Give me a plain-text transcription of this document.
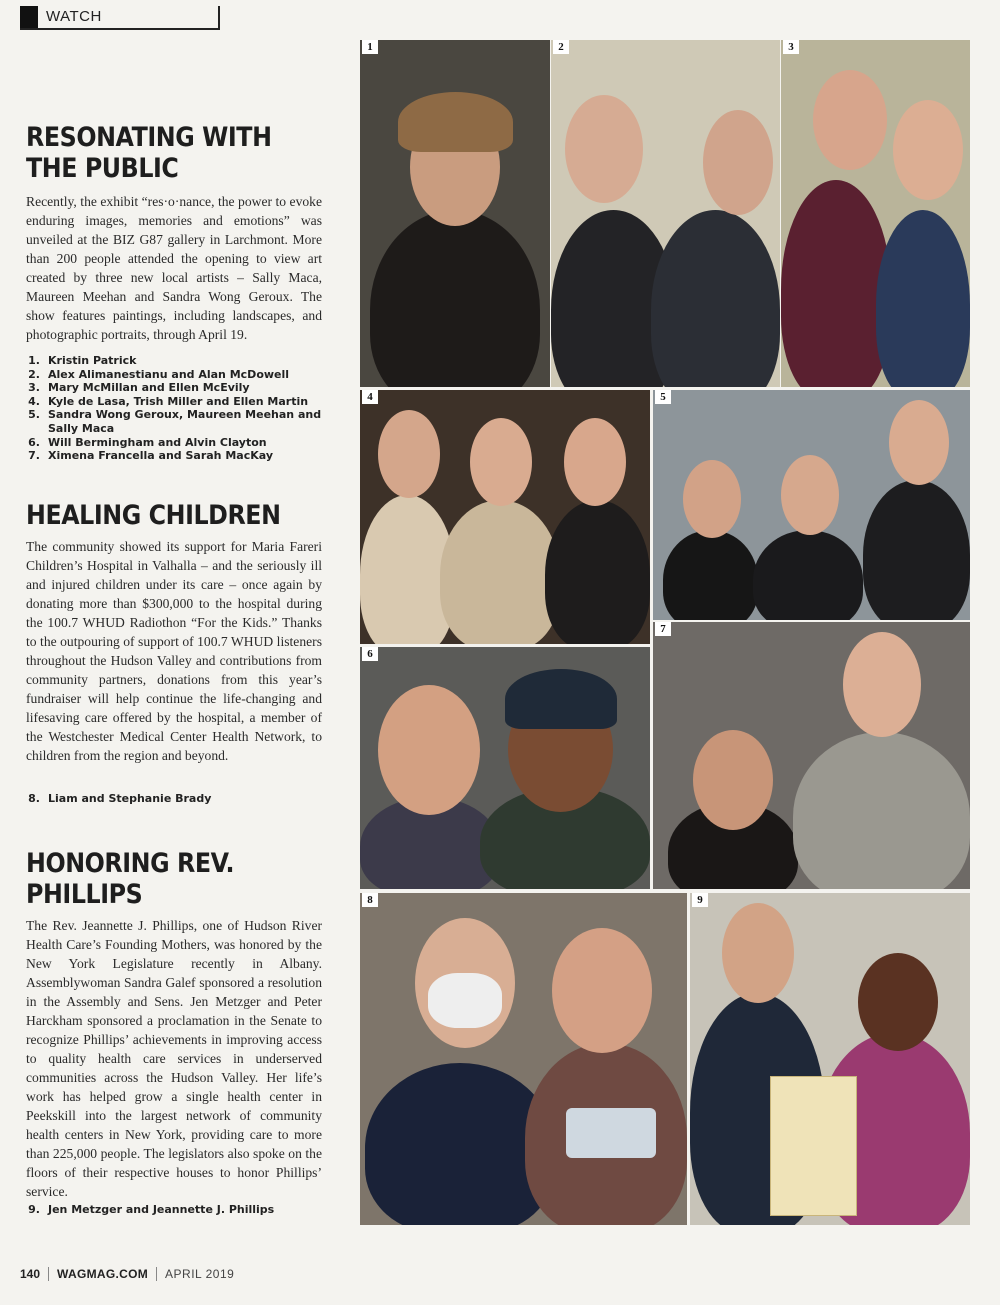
WATCH
RESONATING WITH THE PUBLIC

Recently, the exhibit “res·o·nance, the power to evoke enduring images, memories and emotions” was unveiled at the BIZ G87 gallery in Larchmont. More than 200 people attended the opening to view art created by three new local artists – Sally Maca, Maureen Meehan and Sandra Wong Geroux. The show features paintings, including landscapes, and photographic portraits, through April 19.

1. Kristin Patrick
2. Alex Alimanestianu and Alan McDowell
3. Mary McMillan and Ellen McEvily
4. Kyle de Lasa, Trish Miller and Ellen Martin
5. Sandra Wong Geroux, Maureen Meehan and Sally Maca
6. Will Bermingham and Alvin Clayton
7. Ximena Francella and Sarah MacKay
HEALING CHILDREN

The community showed its support for Maria Fareri Children’s Hospital in Valhalla – and the seriously ill and injured children under its care – once again by donating more than $300,000 to the hospital during the 100.7 WHUD Radiothon “For the Kids.” Thanks to the outpouring of support of 100.7 WHUD listeners throughout the Hudson Valley and contributions from community partners, donations from this year’s fundraiser will help continue the life-changing and lifesaving care offered by the hospital, a member of the Westchester Medical Center Health Network, to children from the region and beyond.

8. Liam and Stephanie Brady
HONORING REV. PHILLIPS

The Rev. Jeannette J. Phillips, one of Hudson River Health Care’s Founding Mothers, was honored by the New York Legislature recently in Albany. Assemblywoman Sandra Galef sponsored a resolution in the Assembly and Sens. Jen Metzger and Peter Harckham sponsored a proclamation in the Senate to recognize Phillips’ achievements in improving access to quality health care services in underserved communities across the Hudson Valley. Her life’s work has helped grow a single health center in Peekskill into the largest network of community health centers in New York, providing care to more than 225,000 people. The legislators also spoke on the floors of their respective houses to honor Phillips’ service.

9. Jen Metzger and Jeannette J. Phillips
1	2	3
4	5
6
7
8	9
140 WAGMAG.COM APRIL 2019
